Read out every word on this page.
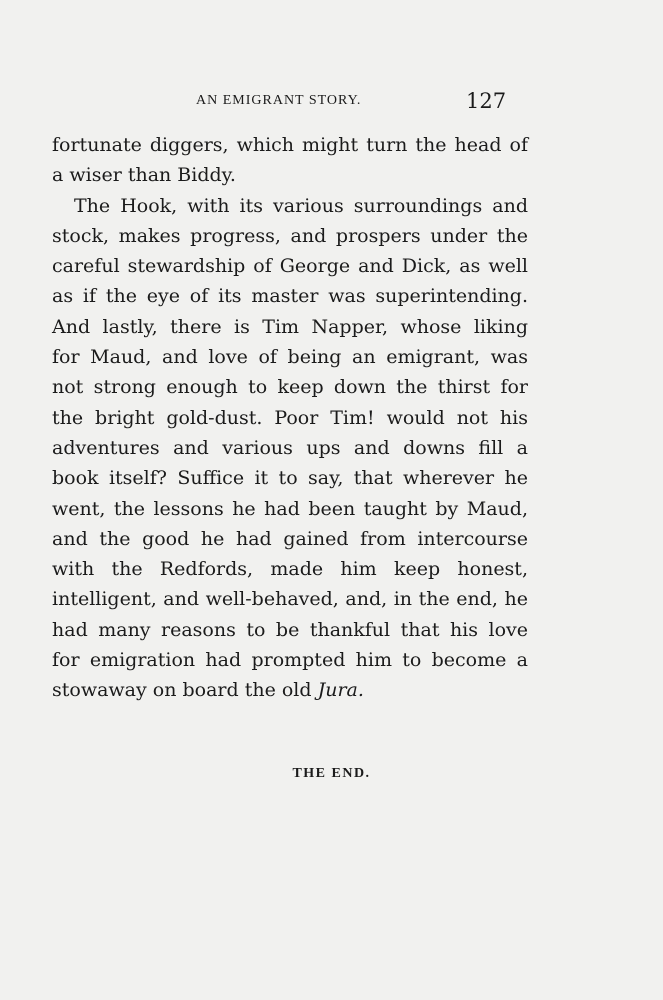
AN EMIGRANT STORY.	127
fortunate diggers, which might turn the head of
a wiser than Biddy.
The Hook, with its various surroundings and
stock, makes progress, and prospers under the
careful stewardship of George and Dick, as well
as if the eye of its master was superintending.
And lastly, there is Tim Napper, whose liking
for Maud, and love of being an emigrant, was
not strong enough to keep down the thirst for
the bright gold-dust. Poor Tim! would not his
adventures and various ups and downs fill a
book itself? Suffice it to say, that wherever he
went, the lessons he had been taught by Maud,
and the good he had gained from intercourse
with the Redfords, made him keep honest,
intelligent, and well-behaved, and, in the end, he
had many reasons to be thankful that his love
for emigration had prompted him to become a
stowaway on board the old Jura.
THE END.
